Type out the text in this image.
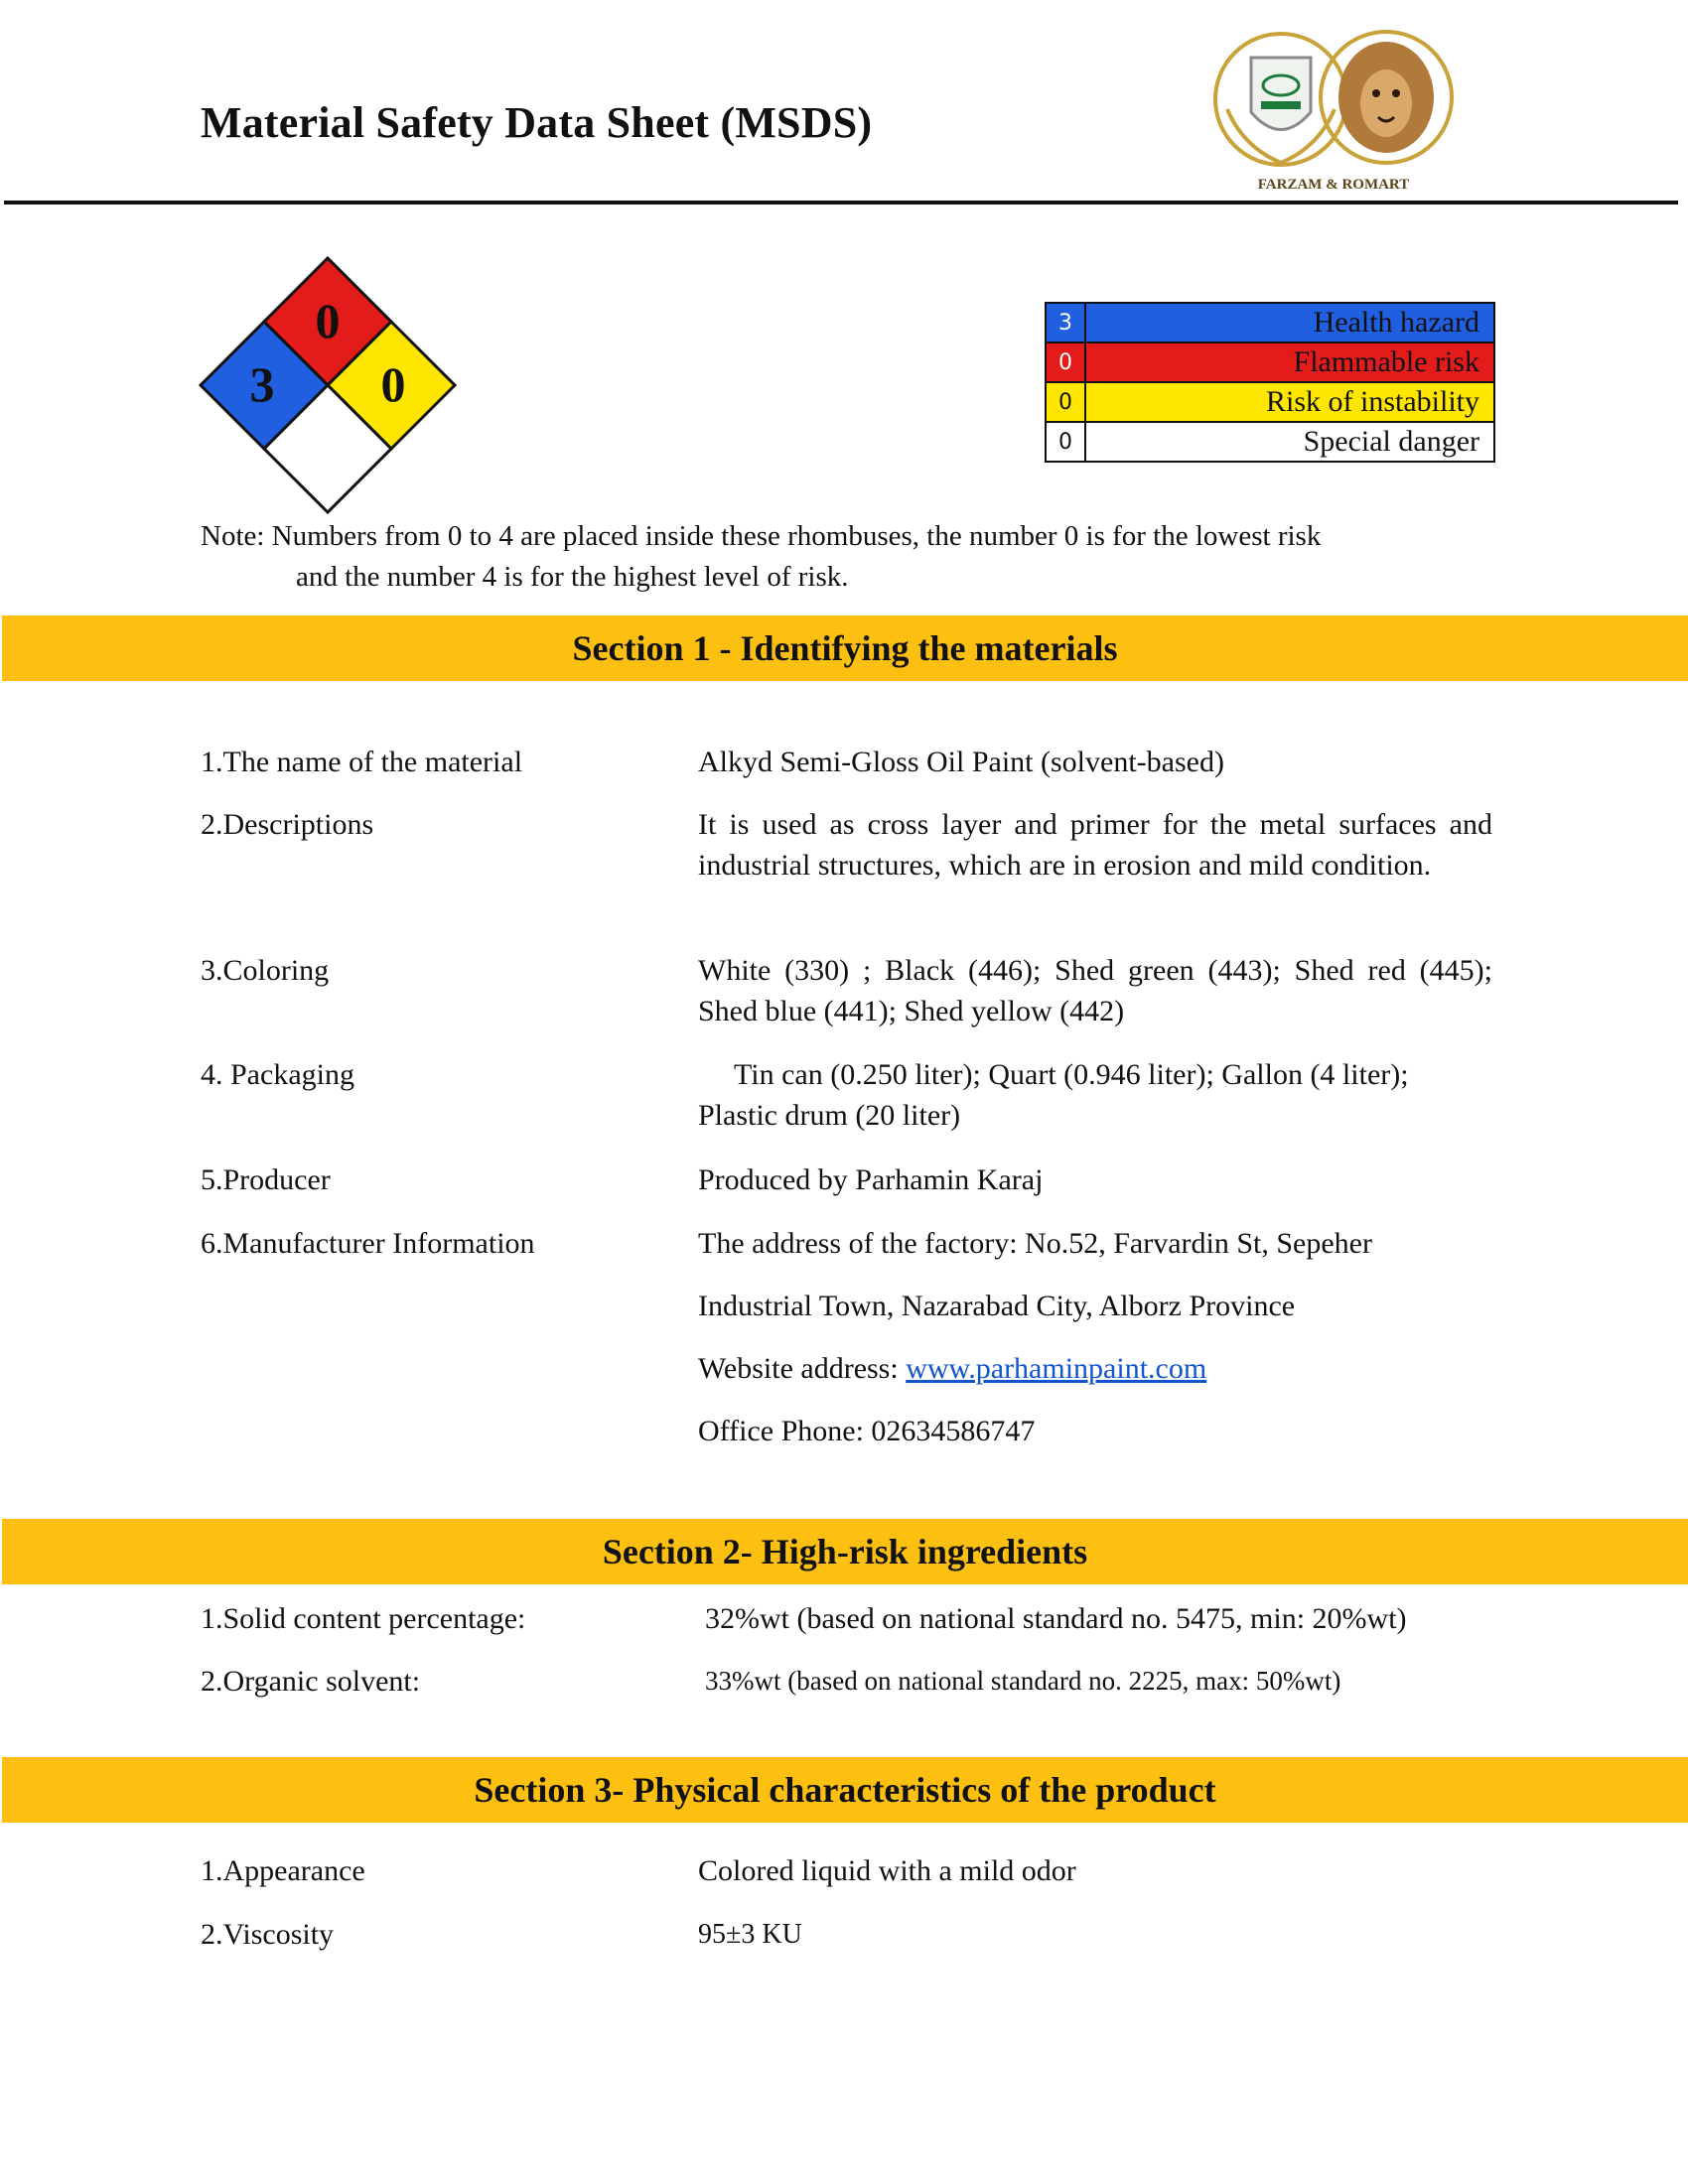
Material Safety Data Sheet (MSDS)
FARZAM & ROMART
0
3 0
3	Health hazard
0	Flammable risk
0	Risk of instability
0	Special danger
Note: Numbers from 0 to 4 are placed inside these rhombuses, the number 0 is for the lowest risk
and the number 4 is for the highest level of risk.
Section 1 - Identifying the materials
1.The name of the material	Alkyd Semi-Gloss Oil Paint (solvent-based)
2.Descriptions	It is used as cross layer and primer for the metal surfaces and industrial structures, which are in erosion and mild condition.
3.Coloring	White (330) ; Black (446); Shed green (443); Shed red (445); Shed blue (441); Shed yellow (442)
4. Packaging	Tin can (0.250 liter); Quart (0.946 liter); Gallon (4 liter);
Plastic drum (20 liter)
5.Producer	Produced by Parhamin Karaj
6.Manufacturer Information	The address of the factory: No.52, Farvardin St, Sepeher
Industrial Town, Nazarabad City, Alborz Province
Website address: www.parhaminpaint.com
Office Phone: 02634586747
Section 2- High-risk ingredients
1.Solid content percentage:	32%wt (based on national standard no. 5475, min: 20%wt)
2.Organic solvent:	33%wt (based on national standard no. 2225, max: 50%wt)
Section 3- Physical characteristics of the product
1.Appearance	Colored liquid with a mild odor
2.Viscosity	95±3 KU
